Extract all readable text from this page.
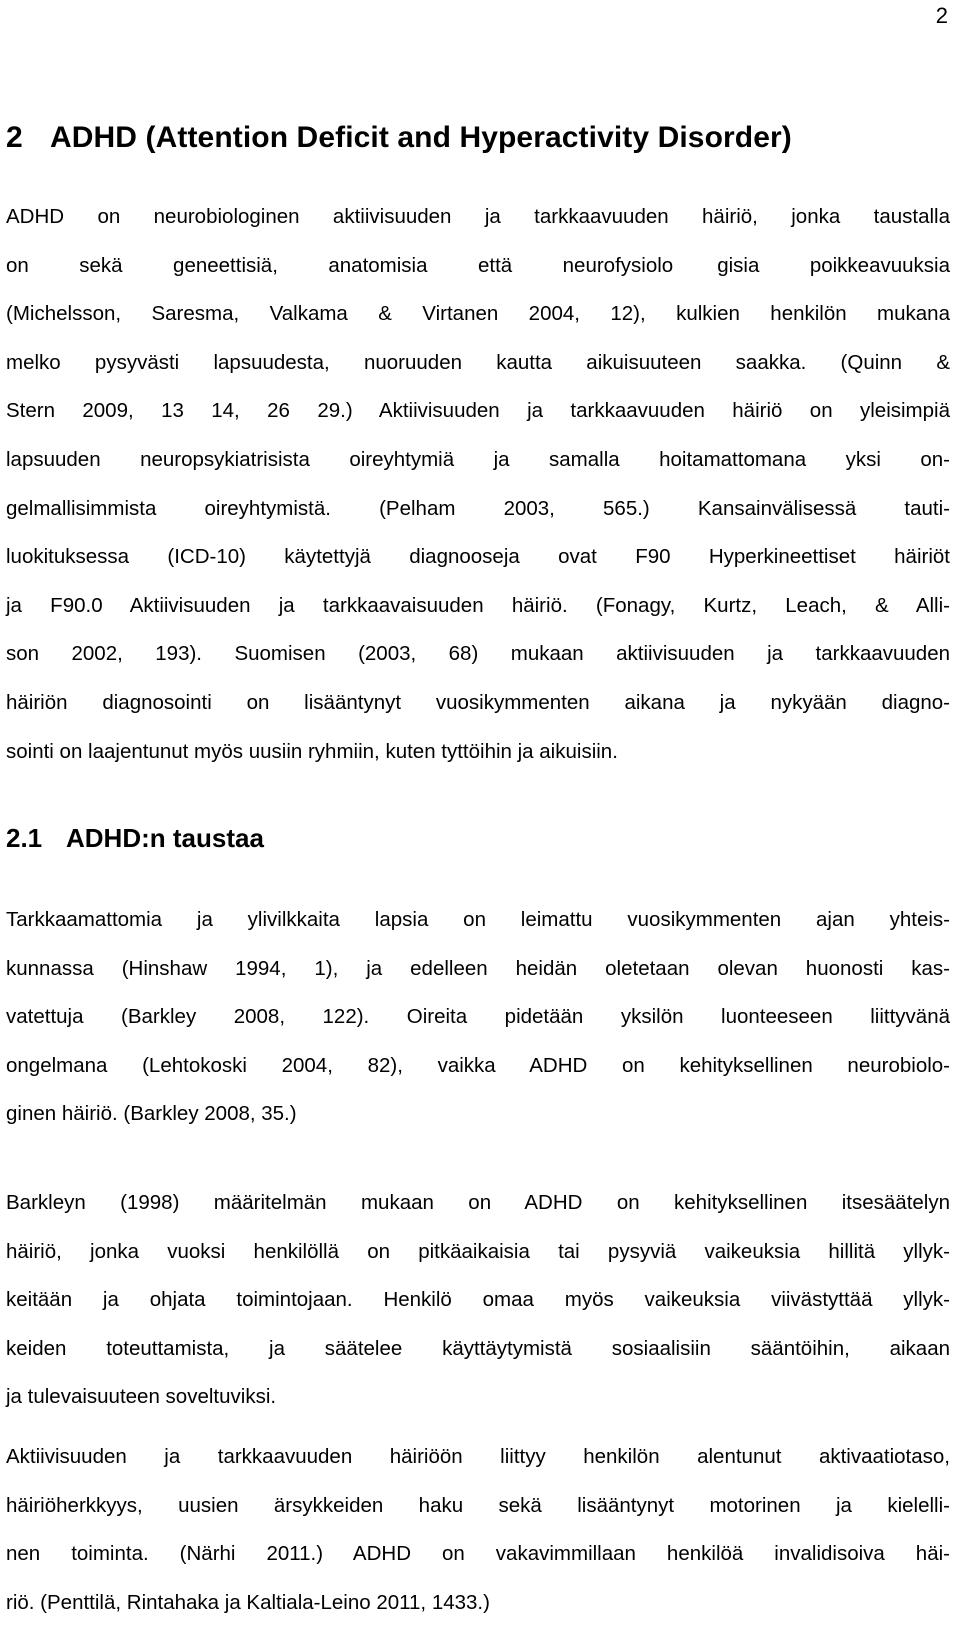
2
2 ADHD (Attention Deficit and Hyperactivity Disorder)
ADHD on neurobiologinen aktiivisuuden ja tarkkaavuuden häiriö, jonka taustalla
on sekä geneettisiä, anatomisia että neurofysiolo gisia poikkeavuuksia
(Michelsson, Saresma, Valkama & Virtanen 2004, 12), kulkien henkilön mukana
melko pysyvästi lapsuudesta, nuoruuden kautta aikuisuuteen saakka. (Quinn &
Stern 2009, 13 14, 26 29.) Aktiivisuuden ja tarkkaavuuden häiriö on yleisimpiä
lapsuuden neuropsykiatrisista oireyhtymiä ja samalla hoitamattomana yksi on-
gelmallisimmista oireyhtymistä. (Pelham 2003, 565.) Kansainvälisessä tauti-
luokituksessa (ICD-10) käytettyjä diagnooseja ovat F90 Hyperkineettiset häiriöt
ja F90.0 Aktiivisuuden ja tarkkaavaisuuden häiriö. (Fonagy, Kurtz, Leach, & Alli-
son 2002, 193). Suomisen (2003, 68) mukaan aktiivisuuden ja tarkkaavuuden
häiriön diagnosointi on lisääntynyt vuosikymmenten aikana ja nykyään diagno-
sointi on laajentunut myös uusiin ryhmiin, kuten tyttöihin ja aikuisiin.
2.1 ADHD:n taustaa
Tarkkaamattomia ja ylivilkkaita lapsia on leimattu vuosikymmenten ajan yhteis-
kunnassa (Hinshaw 1994, 1), ja edelleen heidän oletetaan olevan huonosti kas-
vatettuja (Barkley 2008, 122). Oireita pidetään yksilön luonteeseen liittyvänä
ongelmana (Lehtokoski 2004, 82), vaikka ADHD on kehityksellinen neurobiolo-
ginen häiriö. (Barkley 2008, 35.)
Barkleyn (1998) määritelmän mukaan on ADHD on kehityksellinen itsesäätelyn
häiriö, jonka vuoksi henkilöllä on pitkäaikaisia tai pysyviä vaikeuksia hillitä yllyk-
keitään ja ohjata toimintojaan. Henkilö omaa myös vaikeuksia viivästyttää yllyk-
keiden toteuttamista, ja säätelee käyttäytymistä sosiaalisiin sääntöihin, aikaan
ja tulevaisuuteen soveltuviksi.
Aktiivisuuden ja tarkkaavuuden häiriöön liittyy henkilön alentunut aktivaatiotaso,
häiriöherkkyys, uusien ärsykkeiden haku sekä lisääntynyt motorinen ja kielelli-
nen toiminta. (Närhi 2011.) ADHD on vakavimmillaan henkilöä invalidisoiva häi-
riö. (Penttilä, Rintahaka ja Kaltiala-Leino 2011, 1433.)
